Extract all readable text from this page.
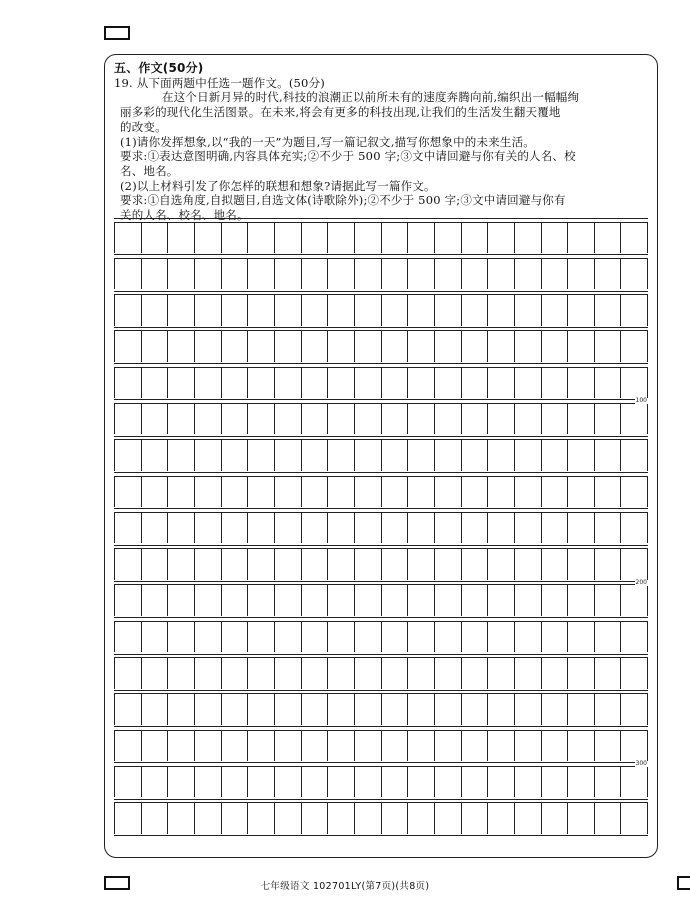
五、作文(50分)
19. 从下面两题中任选一题作文。(50分)
在这个日新月异的时代,科技的浪潮正以前所未有的速度奔腾向前,编织出一幅幅绚
丽多彩的现代化生活图景。在未来,将会有更多的科技出现,让我们的生活发生翻天覆地
的改变。
(1)请你发挥想象,以“我的一天”为题目,写一篇记叙文,描写你想象中的未来生活。
要求:①表达意图明确,内容具体充实;②不少于 500 字;③文中请回避与你有关的人名、校
名、地名。
(2)以上材料引发了你怎样的联想和想象?请据此写一篇作文。
要求:①自选角度,自拟题目,自选文体(诗歌除外);②不少于 500 字;③文中请回避与你有
关的人名、校名、地名。
100
200
300
七年级语文 102701LY(第7页)(共8页)
